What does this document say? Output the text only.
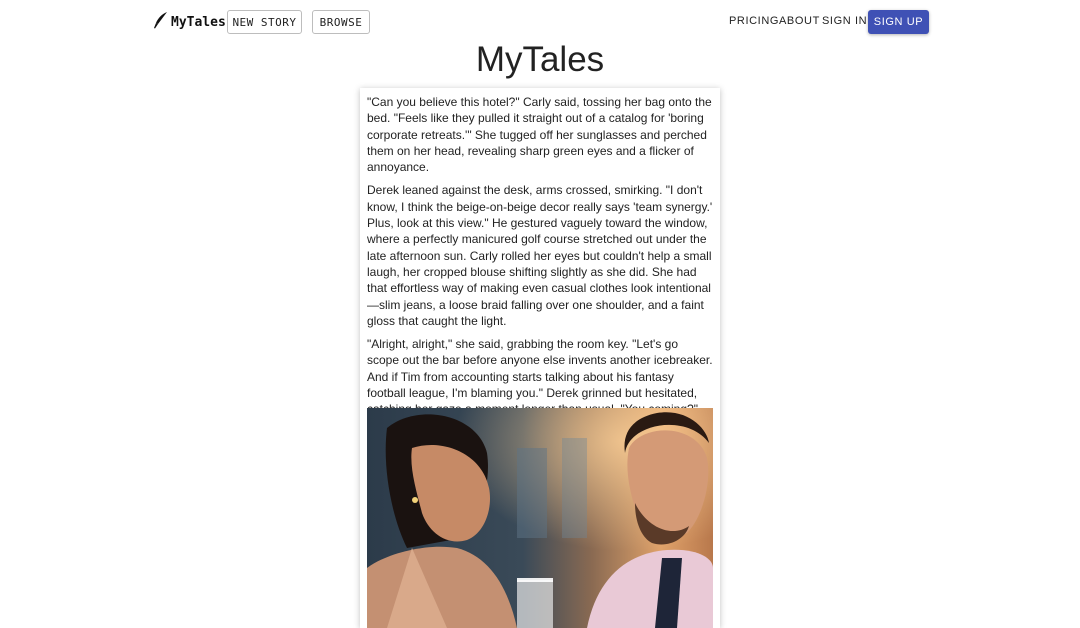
MyTales NEW STORY	BROWSE	PRICING ABOUT SIGN IN SIGN UP
MyTales

"Can you believe this hotel?" Carly said, tossing her bag onto the bed. "Feels like they pulled it straight out of a catalog for 'boring corporate retreats.'" She tugged off her sunglasses and perched them on her head, revealing sharp green eyes and a flicker of annoyance.

Derek leaned against the desk, arms crossed, smirking. "I don't know, I think the beige-on-beige decor really says 'team synergy.' Plus, look at this view." He gestured vaguely toward the window, where a perfectly manicured golf course stretched out under the late afternoon sun. Carly rolled her eyes but couldn't help a small laugh, her cropped blouse shifting slightly as she did. She had that effortless way of making even casual clothes look intentional—slim jeans, a loose braid falling over one shoulder, and a faint gloss that caught the light.

"Alright, alright," she said, grabbing the room key. "Let's go scope out the bar before anyone else invents another icebreaker. And if Tim from accounting starts talking about his fantasy football league, I'm blaming you." Derek grinned but hesitated,
